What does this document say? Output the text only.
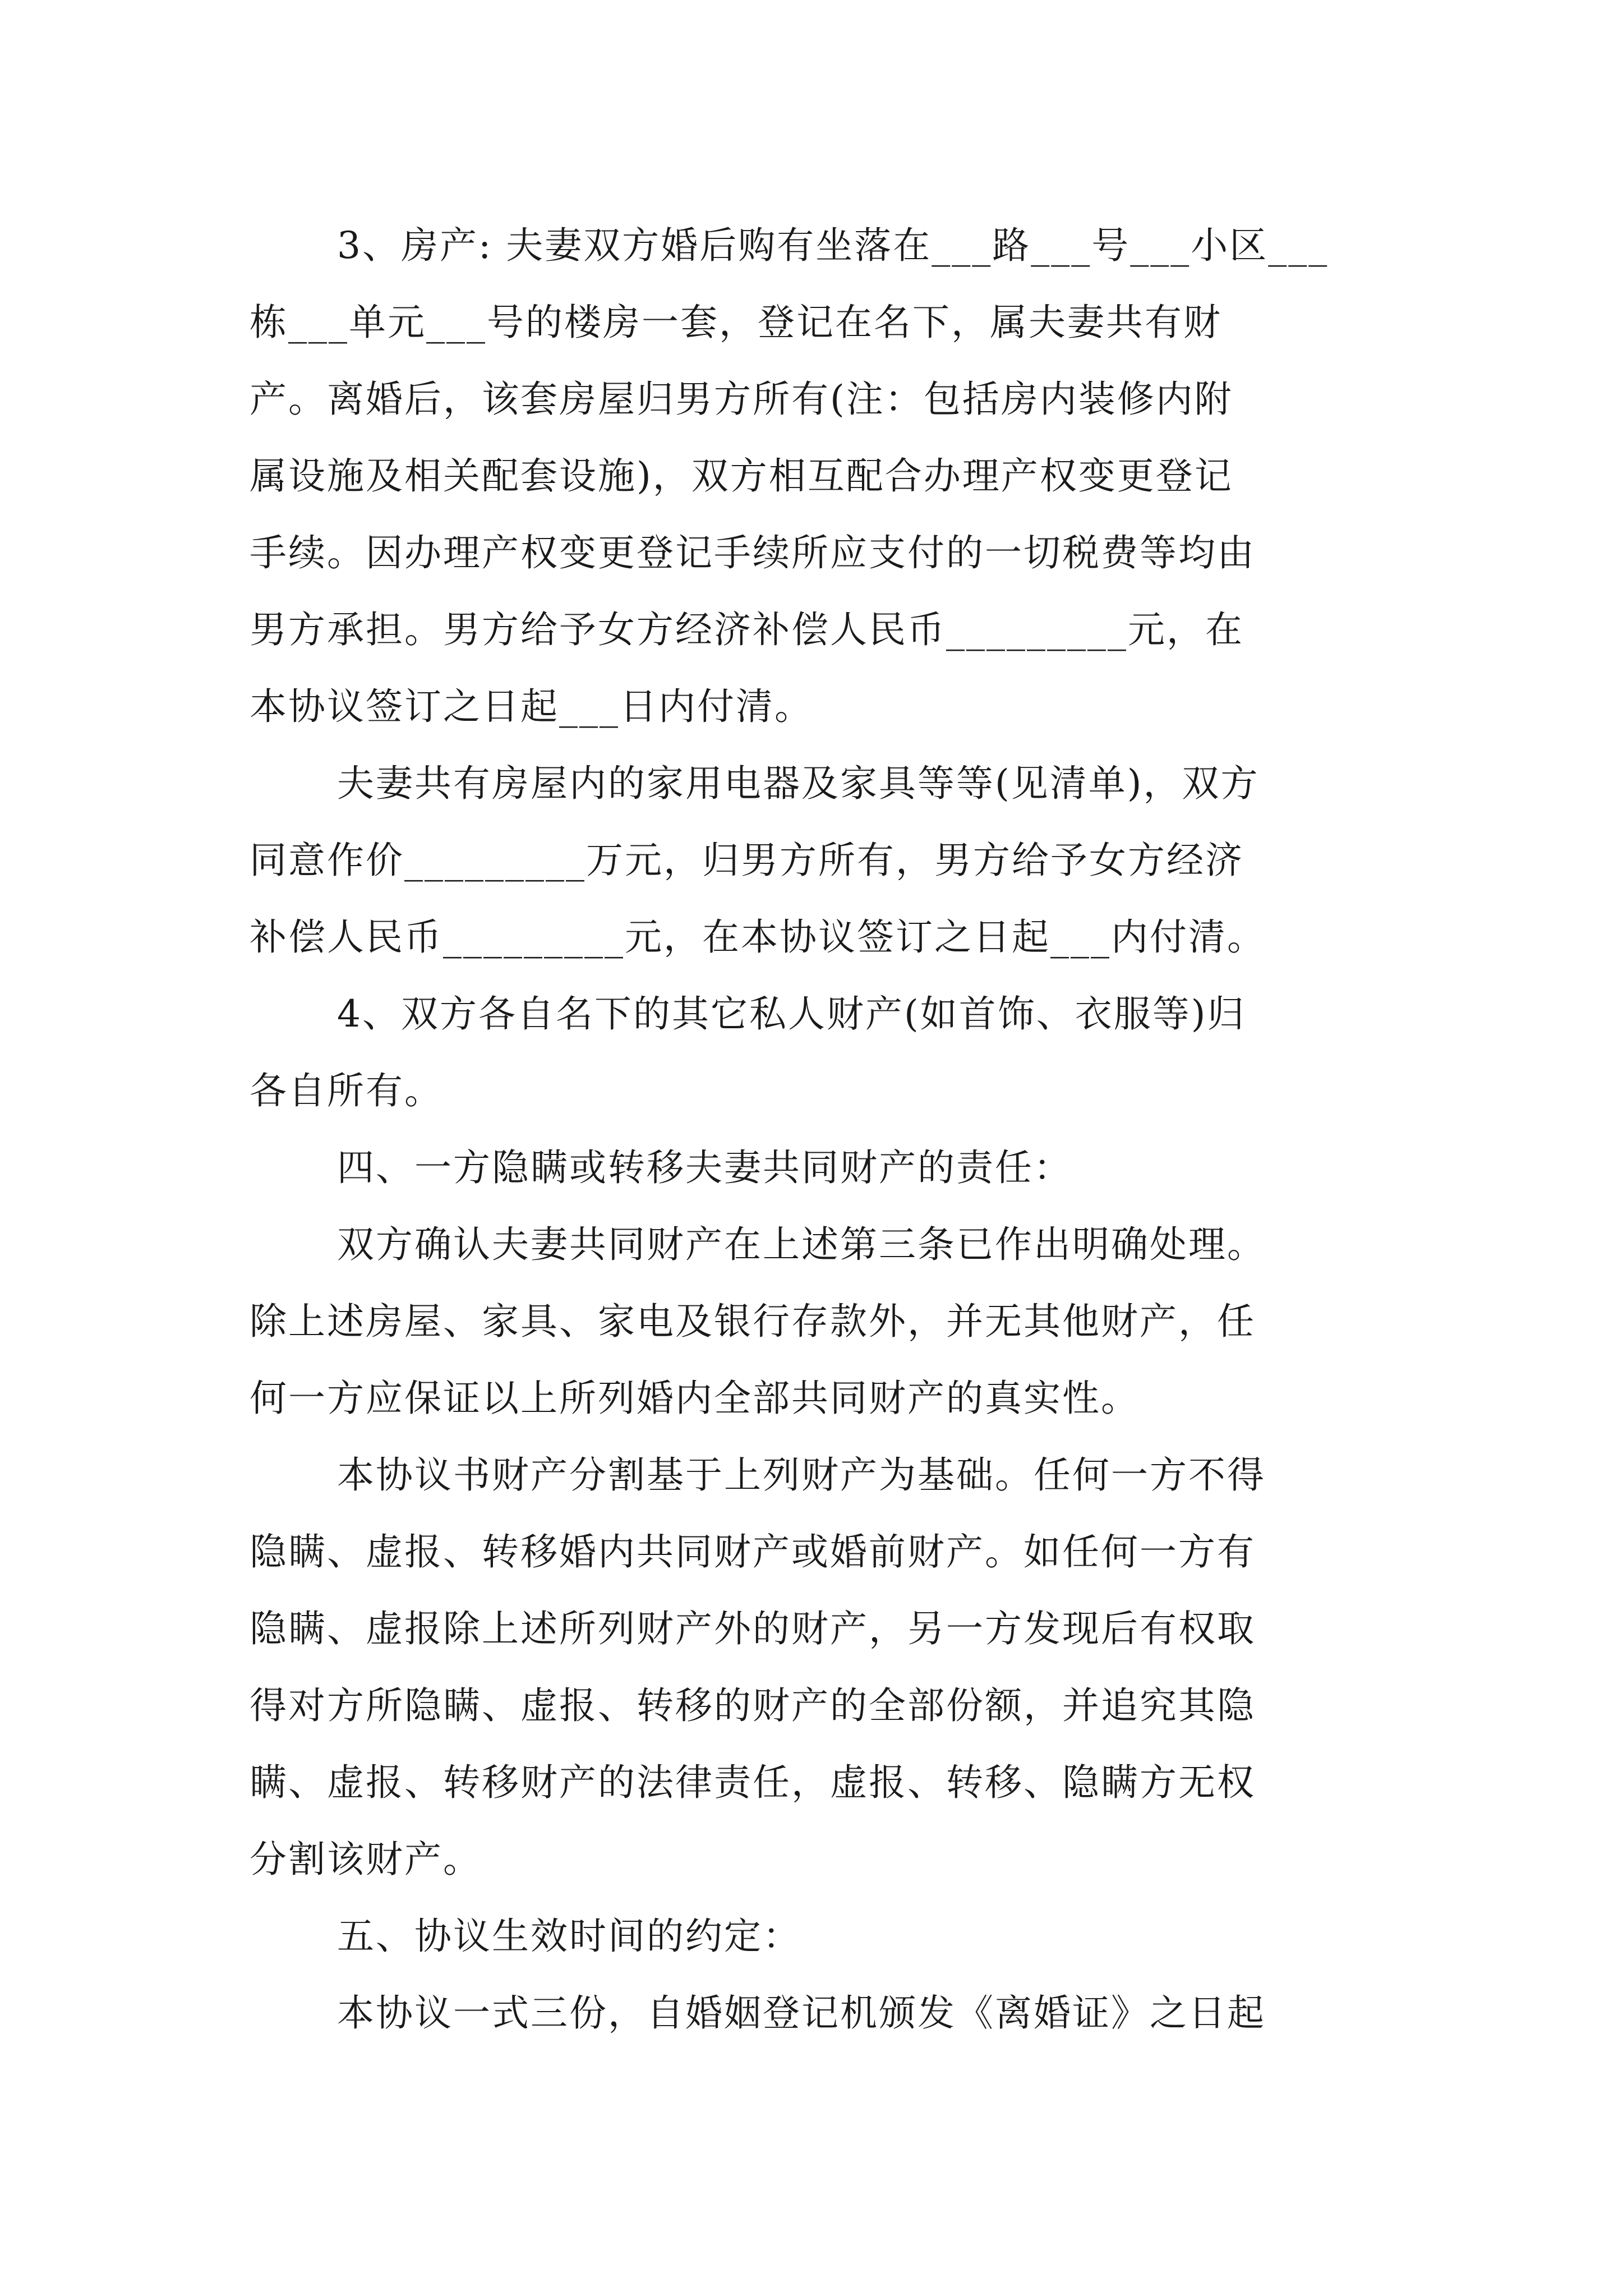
3、房产: 夫妻双方婚后购有坐落在___路___号___小区___
栋___单元___号的楼房一套，登记在名下，属夫妻共有财
产。离婚后，该套房屋归男方所有(注：包括房内装修内附
属设施及相关配套设施)，双方相互配合办理产权变更登记
手续。因办理产权变更登记手续所应支付的一切税费等均由
男方承担。男方给予女方经济补偿人民币_________元，在
本协议签订之日起___日内付清。
夫妻共有房屋内的家用电器及家具等等(见清单)，双方
同意作价_________万元，归男方所有，男方给予女方经济
补偿人民币_________元，在本协议签订之日起___内付清。
4、双方各自名下的其它私人财产(如首饰、衣服等)归
各自所有。
四、一方隐瞒或转移夫妻共同财产的责任：
双方确认夫妻共同财产在上述第三条已作出明确处理。
除上述房屋、家具、家电及银行存款外，并无其他财产，任
何一方应保证以上所列婚内全部共同财产的真实性。
本协议书财产分割基于上列财产为基础。任何一方不得
隐瞒、虚报、转移婚内共同财产或婚前财产。如任何一方有
隐瞒、虚报除上述所列财产外的财产，另一方发现后有权取
得对方所隐瞒、虚报、转移的财产的全部份额，并追究其隐
瞒、虚报、转移财产的法律责任，虚报、转移、隐瞒方无权
分割该财产。
五、协议生效时间的约定：
本协议一式三份，自婚姻登记机颁发《离婚证》之日起
